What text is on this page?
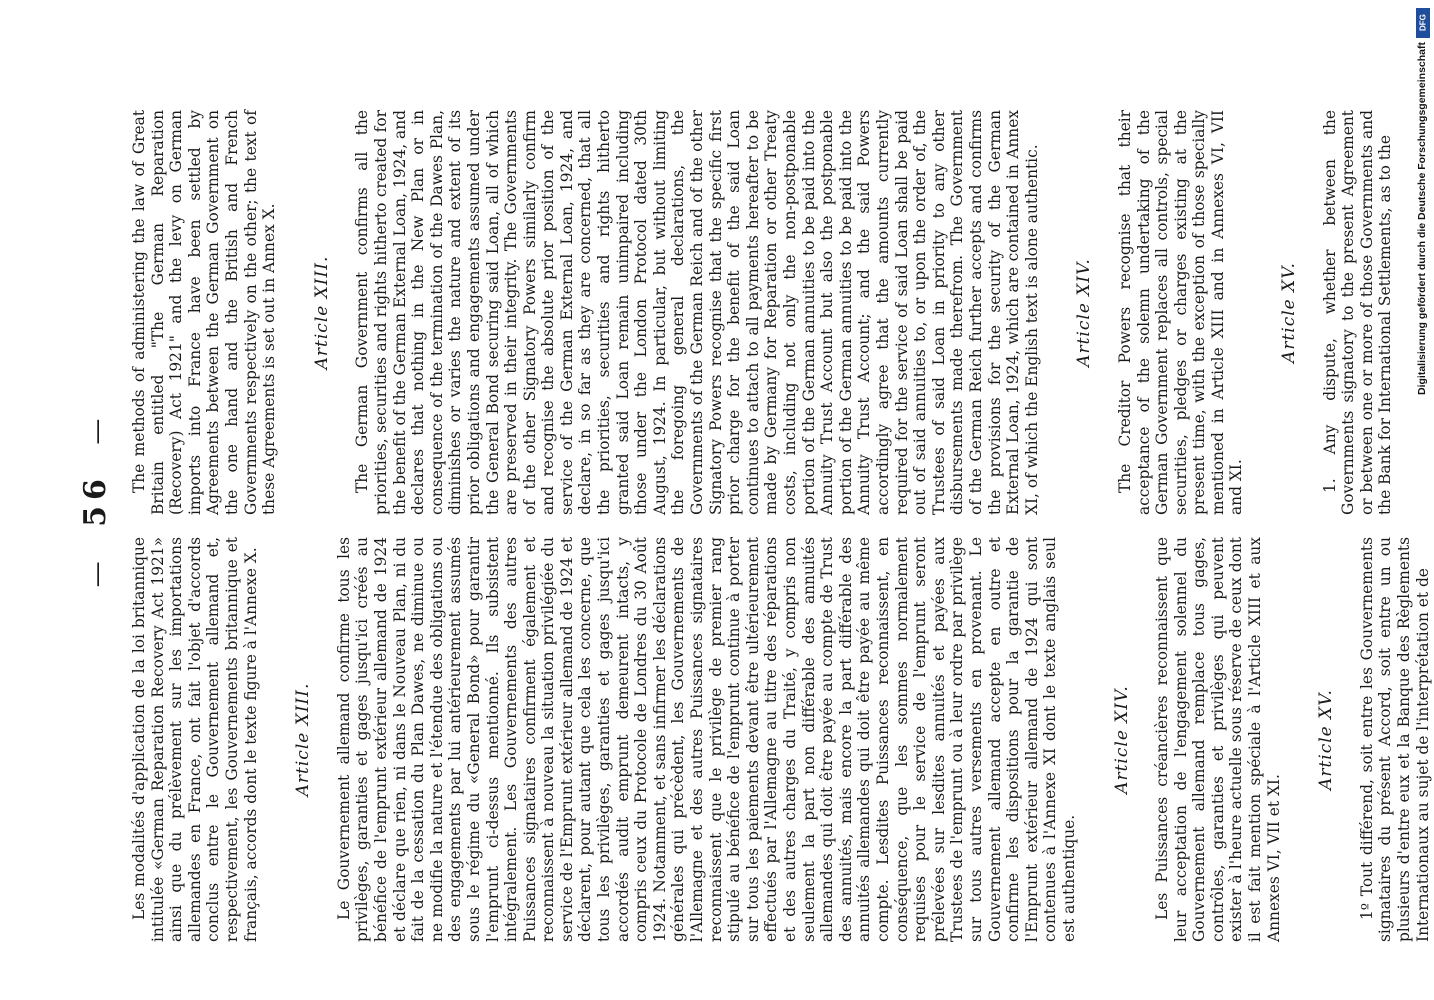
—  56  —

Les modalités d'application de la loi britannique intitulée «German Reparation Recovery Act 1921» ainsi que du prélèvement sur les importations allemandes en France, ont fait l'objet d'accords conclus entre le Gouvernement allemand et, respectivement, les Gouvernements britannique et français, accords dont le texte figure à l'Annexe X. Article XIII. Le Gouvernement allemand confirme tous les privilèges, garanties et gages jusqu'ici créés au bénéfice de l'emprunt extérieur allemand de 1924 et déclare que rien, ni dans le Nouveau Plan, ni du fait de la cessation du Plan Dawes, ne diminue ou ne modifie la nature et l'étendue des obligations ou des engagements par lui antérieurement assumés sous le régime du «General Bond» pour garantir l'emprunt ci-dessus mentionné. Ils subsistent intégralement. Les Gouvernements des autres Puissances signataires confirment également et reconnaissent à nouveau la situation privilégiée du service de l'Emprunt extérieur allemand de 1924 et déclarent, pour autant que cela les concerne, que tous les privilèges, garanties et gages jusqu'ici accordés audit emprunt demeurent intacts, y compris ceux du Protocole de Londres du 30 Août 1924. Notamment, et sans infirmer les déclarations générales qui précèdent, les Gouvernements de l'Allemagne et des autres Puissances signataires reconnaissent que le privilège de premier rang stipulé au bénéfice de l'emprunt continue à porter sur tous les paiements devant être ultérieurement effectués par l'Allemagne au titre des réparations et des autres charges du Traité, y compris non seulement la part non différable des annuités allemandes qui doit être payée au compte de Trust des annuités, mais encore la part différable des annuités allemandes qui doit être payée au même compte. Lesdites Puissances reconnaissent, en conséquence, que les sommes normalement requises pour le service de l'emprunt seront prélevées sur lesdites annuités et payées aux Trustees de l'emprunt ou à leur ordre par privilège sur tous autres versements en provenant. Le Gouvernement allemand accepte en outre et confirme les dispositions pour la garantie de l'Emprunt extérieur allemand de 1924 qui sont contenues à l'Annexe XI dont le texte anglais seul est authentique.

Article XIV. Les Puissances créancières reconnaissent que leur acceptation de l'engagement solennel du Gouvernement allemand remplace tous gages, contrôles, garanties et privilèges qui peuvent exister à l'heure actuelle sous réserve de ceux dont il est fait mention spéciale à l'Article XIII et aux Annexes VI, VII et XI.

Article XV. 1º Tout différend, soit entre les Gouvernements signataires du présent Accord, soit entre un ou plusieurs d'entre eux et la Banque des Règlements Internationaux au sujet de l'interprétation et de

The methods of administering the law of Great Britain entitled "The German Reparation (Recovery) Act 1921" and the levy on German imports into France have been settled by Agreements between the German Government on the one hand and the British and French Governments respectively on the other; the text of these Agreements is set out in Annex X. Article XIII. The German Government confirms all the priorities, securities and rights hitherto created for the benefit of the German External Loan, 1924, and declares that nothing in the New Plan or in consequence of the termination of the Dawes Plan, diminishes or varies the nature and extent of its prior obligations and engagements assumed under the General Bond securing said Loan, all of which are preserved in their integrity. The Governments of the other Signatory Powers similarly confirm and recognise the absolute prior position of the service of the German External Loan, 1924, and declare, in so far as they are concerned, that all the priorities, securities and rights hitherto granted said Loan remain unimpaired including those under the London Protocol dated 30th August, 1924. In particular, but without limiting the foregoing general declarations, the Governments of the German Reich and of the other Signatory Powers recognise that the specific first prior charge for the benefit of the said Loan continues to attach to all payments hereafter to be made by Germany for Reparation or other Treaty costs, including not only the non-postponable portion of the German annuities to be paid into the Annuity Trust Account but also the postponable portion of the German annuities to be paid into the Annuity Trust Account; and the said Powers accordingly agree that the amounts currently required for the service of said Loan shall be paid out of said annuities to, or upon the order of, the Trustees of said Loan in priority to any other disbursements made therefrom. The Government of the German Reich further accepts and confirms the provisions for the security of the German External Loan, 1924, which are contained in Annex XI, of which the English text is alone authentic. Article XIV. The Creditor Powers recognise that their acceptance of the solemn undertaking of the German Government replaces all controls, special securities, pledges or charges existing at the present time, with the exception of those specially mentioned in Article XIII and in Annexes VI, VII and XI.

Article XV. 1. Any dispute, whether between the Governments signatory to the present Agreement or between one or more of those Governments and the Bank for International Settlements, as to the

DFG
Digitalisierung gefördert durch die Deutsche Forschungsgemeinschaft
